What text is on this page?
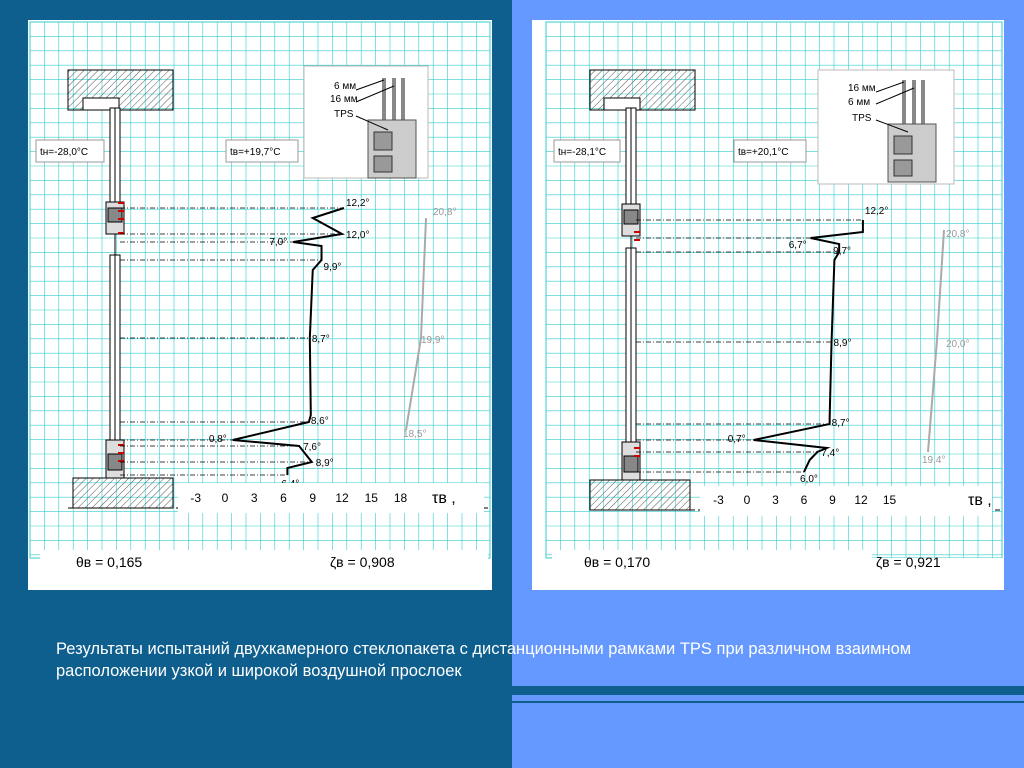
12,2°
7,0°
12,0°
9,9°
8,7°
8,6°
0,8°
7,6°
8,9°
20,8°
19,9°
18,5°
tн=-28,0°С	tв=+19,7°С
6 мм
16 мм
TPS
-3 0 3 6 9 12 15 18 τв ,
θв = 0,165	ζв = 0,908
12,2°
6,7°
9,7°
8,9°
8,7°
0,7°
7,4°
6,0°
20,8°
20,0°
19,4°
tн=-28,1°С	tв=+20,1°С
16 мм
6 мм
TPS
-3 0 3 6 9 12 15	τв ,
θв = 0,170	ζв = 0,921
Результаты испытаний двухкамерного стеклопакета с дистанционными рамками TPS при различном взаимном расположении узкой и широкой воздушной прослоек
